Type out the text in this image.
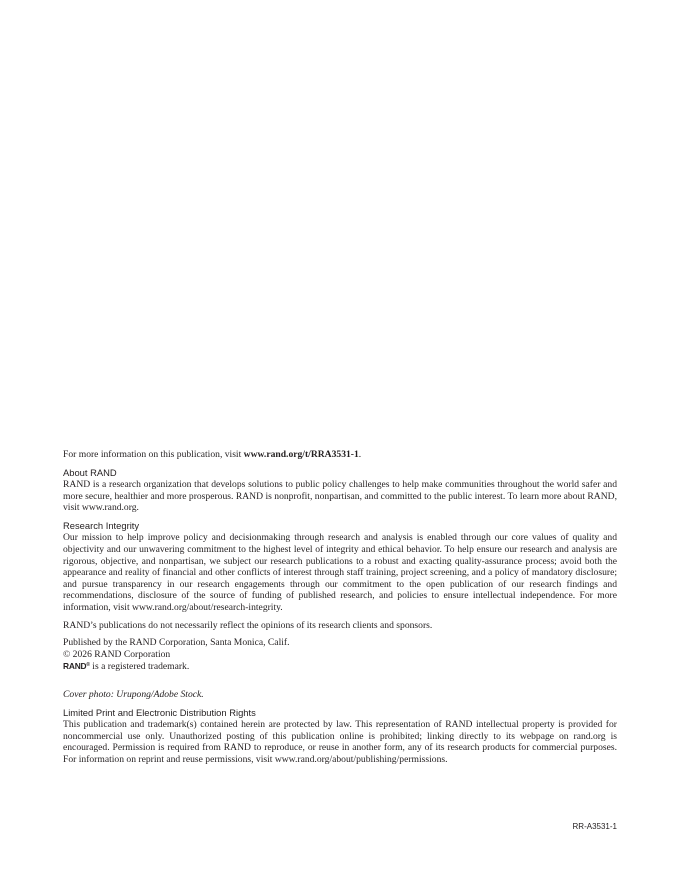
For more information on this publication, visit www.rand.org/t/RRA3531-1.

About RAND

RAND is a research organization that develops solutions to public policy challenges to help make communities throughout the world safer and more secure, healthier and more prosperous. RAND is nonprofit, nonpartisan, and committed to the public interest. To learn more about RAND, visit www.rand.org.

Research Integrity

Our mission to help improve policy and decisionmaking through research and analysis is enabled through our core values of quality and objectivity and our unwavering commitment to the highest level of integrity and ethical behavior. To help ensure our research and analysis are rigorous, objective, and nonpartisan, we subject our research publications to a robust and exacting quality-assurance process; avoid both the appearance and reality of financial and other conflicts of interest through staff training, project screening, and a policy of mandatory disclosure; and pursue transparency in our research engagements through our commitment to the open publication of our research findings and recommendations, disclosure of the source of funding of published research, and policies to ensure intellectual independence. For more information, visit www.rand.org/about/research-integrity.

RAND’s publications do not necessarily reflect the opinions of its research clients and sponsors.

Published by the RAND Corporation, Santa Monica, Calif.

© 2026 RAND Corporation

RAND® is a registered trademark.

Cover photo: Urupong/Adobe Stock.

Limited Print and Electronic Distribution Rights

This publication and trademark(s) contained herein are protected by law. This representation of RAND intellectual property is provided for noncommercial use only. Unauthorized posting of this publication online is prohibited; linking directly to its webpage on rand.org is encouraged. Permission is required from RAND to reproduce, or reuse in another form, any of its research products for commercial purposes. For information on reprint and reuse permissions, visit www.rand.org/about/publishing/permissions.

RR-A3531-1
